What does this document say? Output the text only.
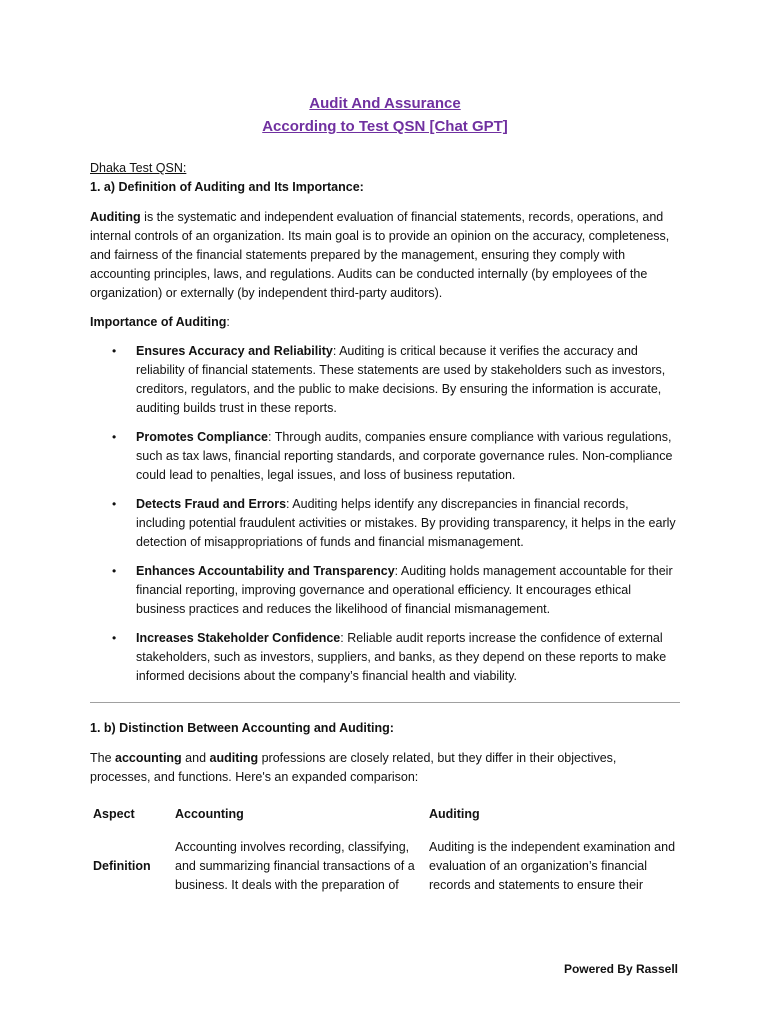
Audit And Assurance
According to Test QSN [Chat GPT]

Dhaka Test QSN:

1. a) Definition of Auditing and Its Importance:

Auditing is the systematic and independent evaluation of financial statements, records, operations, and internal controls of an organization. Its main goal is to provide an opinion on the accuracy, completeness, and fairness of the financial statements prepared by the management, ensuring they comply with accounting principles, laws, and regulations. Audits can be conducted internally (by employees of the organization) or externally (by independent third-party auditors).

Importance of Auditing:

• Ensures Accuracy and Reliability: Auditing is critical because it verifies the accuracy and reliability of financial statements. These statements are used by stakeholders such as investors, creditors, regulators, and the public to make decisions. By ensuring the information is accurate, auditing builds trust in these reports.
• Promotes Compliance: Through audits, companies ensure compliance with various regulations, such as tax laws, financial reporting standards, and corporate governance rules. Non-compliance could lead to penalties, legal issues, and loss of business reputation.
• Detects Fraud and Errors: Auditing helps identify any discrepancies in financial records, including potential fraudulent activities or mistakes. By providing transparency, it helps in the early detection of misappropriations of funds and financial mismanagement.
• Enhances Accountability and Transparency: Auditing holds management accountable for their financial reporting, improving governance and operational efficiency. It encourages ethical business practices and reduces the likelihood of financial mismanagement.
• Increases Stakeholder Confidence: Reliable audit reports increase the confidence of external stakeholders, such as investors, suppliers, and banks, as they depend on these reports to make informed decisions about the company’s financial health and viability.

1. b) Distinction Between Accounting and Auditing:

The accounting and auditing professions are closely related, but they differ in their objectives, processes, and functions. Here's an expanded comparison:

Aspect	Accounting	Auditing
Definition	Accounting involves recording, classifying, and summarizing financial transactions of a business. It deals with the preparation of	Auditing is the independent examination and evaluation of an organization’s financial records and statements to ensure their
Powered By Rassell
